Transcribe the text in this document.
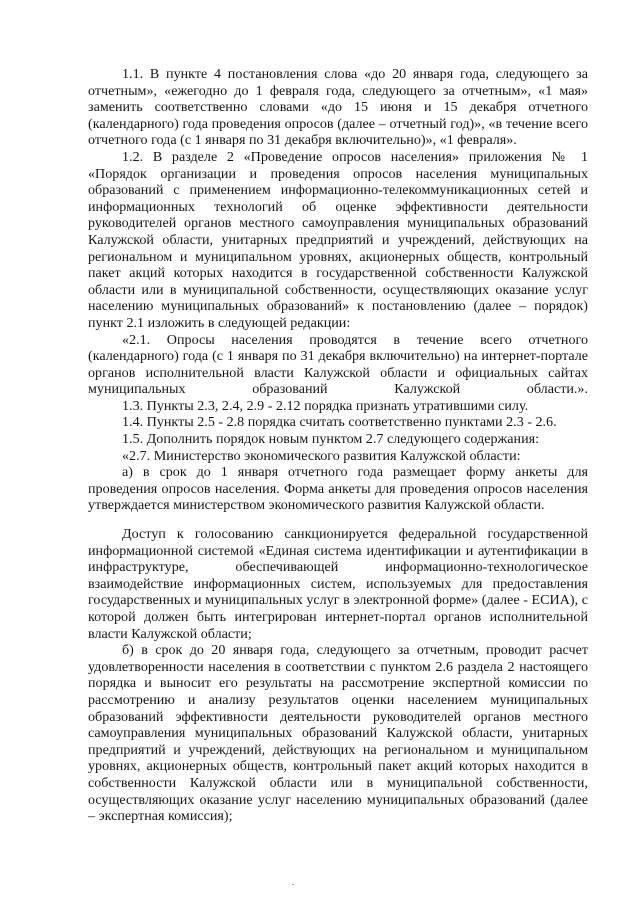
1.1. В пункте 4 постановления слова «до 20 января года, следующего за отчетным», «ежегодно до 1 февраля года, следующего за отчетным», «1 мая» заменить соответственно словами «до 15 июня и 15 декабря отчетного (календарного) года проведения опросов (далее – отчетный год)», «в течение всего отчетного года (с 1 января по 31 декабря включительно)», «1 февраля».

1.2. В разделе 2 «Проведение опросов населения» приложения № 1 «Порядок организации и проведения опросов населения муниципальных образований с применением информационно-телекоммуникационных сетей и информационных технологий об оценке эффективности деятельности руководителей органов местного самоуправления муниципальных образований Калужской области, унитарных предприятий и учреждений, действующих на региональном и муниципальном уровнях, акционерных обществ, контрольный пакет акций которых находится в государственной собственности Калужской области или в муниципальной собственности, осуществляющих оказание услуг населению муниципальных образований» к постановлению (далее – порядок) пункт 2.1 изложить в следующей редакции:

«2.1. Опросы населения проводятся в течение всего отчетного (календарного) года (с 1 января по 31 декабря включительно) на интернет-портале органов исполнительной власти Калужской области и официальных сайтах муниципальных образований Калужской области.».

1.3. Пункты 2.3, 2.4, 2.9 - 2.12 порядка признать утратившими силу.

1.4. Пункты 2.5 - 2.8 порядка считать соответственно пунктами 2.3 - 2.6.

1.5. Дополнить порядок новым пунктом 2.7 следующего содержания:

«2.7. Министерство экономического развития Калужской области:

а) в срок до 1 января отчетного года размещает форму анкеты для проведения опросов населения. Форма анкеты для проведения опросов населения утверждается министерством экономического развития Калужской области.

Доступ к голосованию санкционируется федеральной государственной информационной системой «Единая система идентификации и аутентификации в инфраструктуре, обеспечивающей информационно-технологическое взаимодействие информационных систем, используемых для предоставления государственных и муниципальных услуг в электронной форме» (далее - ЕСИА), с которой должен быть интегрирован интернет-портал органов исполнительной власти Калужской области;

б) в срок до 20 января года, следующего за отчетным, проводит расчет удовлетворенности населения в соответствии с пунктом 2.6 раздела 2 настоящего порядка и выносит его результаты на рассмотрение экспертной комиссии по рассмотрению и анализу результатов оценки населением муниципальных образований эффективности деятельности руководителей органов местного самоуправления муниципальных образований Калужской области, унитарных предприятий и учреждений, действующих на региональном и муниципальном уровнях, акционерных обществ, контрольный пакет акций которых находится в собственности Калужской области или в муниципальной собственности, осуществляющих оказание услуг населению муниципальных образований (далее – экспертная комиссия);
